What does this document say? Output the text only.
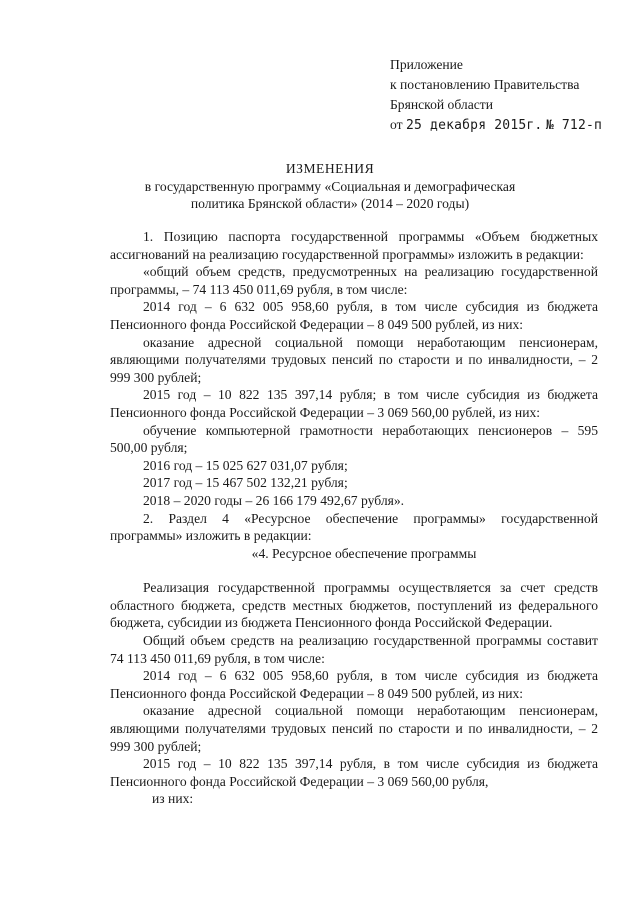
Приложение
к постановлению Правительства
Брянской области
от 25 декабря 2015г. № 712-п
ИЗМЕНЕНИЯ
в государственную программу «Социальная и демографическая
политика Брянской области» (2014 – 2020 годы)

1. Позицию паспорта государственной программы «Объем бюджетных ассигнований на реализацию государственной программы» изложить в редакции:

«общий объем средств, предусмотренных на реализацию государственной программы, – 74 113 450 011,69 рубля, в том числе:

2014 год – 6 632 005 958,60 рубля, в том числе субсидия из бюджета Пенсионного фонда Российской Федерации – 8 049 500 рублей, из них:

оказание адресной социальной помощи неработающим пенсионерам, являющими получателями трудовых пенсий по старости и по инвалидности, – 2 999 300 рублей;

2015 год – 10 822 135 397,14 рубля; в том числе субсидия из бюджета Пенсионного фонда Российской Федерации – 3 069 560,00 рублей, из них:

обучение компьютерной грамотности неработающих пенсионеров – 595 500,00 рубля;

2016 год – 15 025 627 031,07 рубля;

2017 год – 15 467 502 132,21 рубля;

2018 – 2020 годы – 26 166 179 492,67 рубля».

2. Раздел 4 «Ресурсное обеспечение программы» государственной программы» изложить в редакции:

«4. Ресурсное обеспечение программы

Реализация государственной программы осуществляется за счет средств областного бюджета, средств местных бюджетов, поступлений из федерального бюджета, субсидии из бюджета Пенсионного фонда Российской Федерации.

Общий объем средств на реализацию государственной программы составит 74 113 450 011,69 рубля, в том числе:

2014 год – 6 632 005 958,60 рубля, в том числе субсидия из бюджета Пенсионного фонда Российской Федерации – 8 049 500 рублей, из них:

оказание адресной социальной помощи неработающим пенсионерам, являющими получателями трудовых пенсий по старости и по инвалидности, – 2 999 300 рублей;

2015 год – 10 822 135 397,14 рубля, в том числе субсидия из бюджета Пенсионного фонда Российской Федерации – 3 069 560,00 рубля,

из них:
